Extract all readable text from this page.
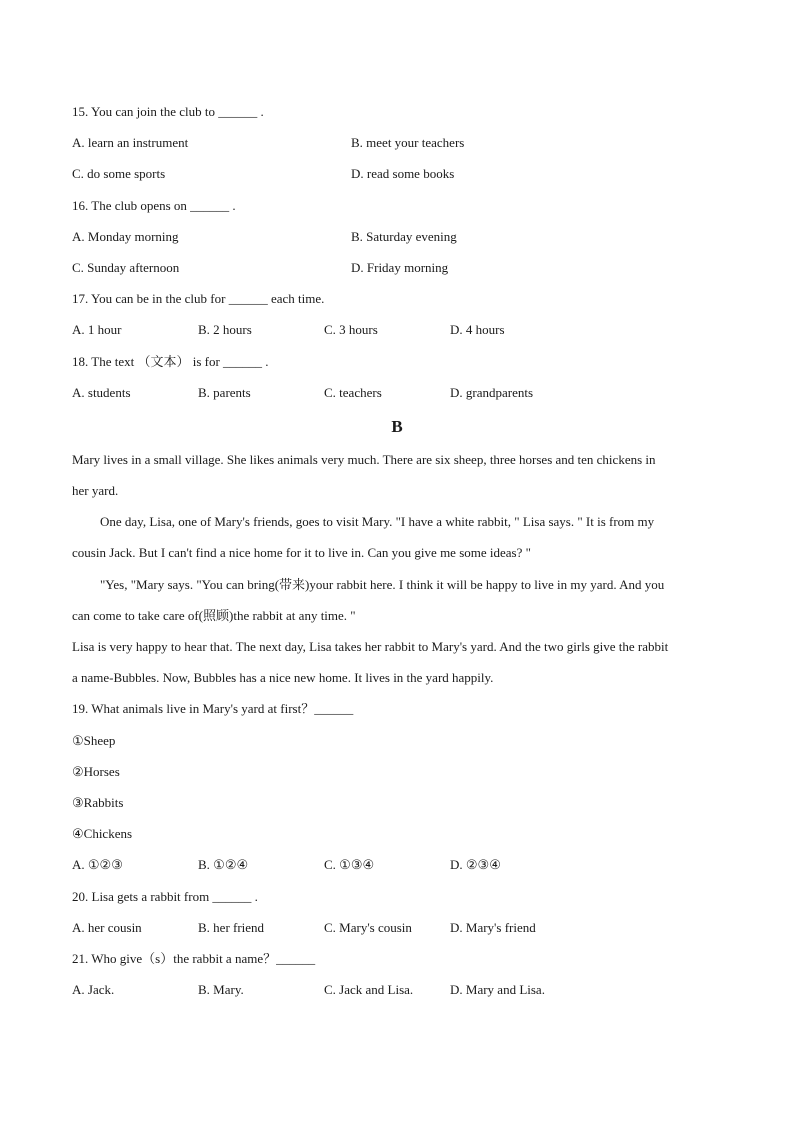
15. You can join the club to ______ .
A. learn an instrument	B. meet your teachers
C. do some sports	D. read some books
16. The club opens on ______ .
A. Monday morning	B. Saturday evening
C. Sunday afternoon	D. Friday morning
17. You can be in the club for ______ each time.
A. 1 hour	B. 2 hours	C. 3 hours	D. 4 hours
18. The text （文本） is for ______ .
A. students	B. parents	C. teachers	D. grandparents
B
Mary lives in a small village. She likes animals very much. There are six sheep, three horses and ten chickens in
her yard.
One day, Lisa, one of Mary's friends, goes to visit Mary. "I have a white rabbit, " Lisa says. " It is from my
cousin Jack. But I can't find a nice home for it to live in. Can you give me some ideas? "
"Yes, "Mary says. "You can bring(带来)your rabbit here. I think it will be happy to live in my yard. And you
can come to take care of(照顾)the rabbit at any time. "
Lisa is very happy to hear that. The next day, Lisa takes her rabbit to Mary's yard. And the two girls give the rabbit
a name-Bubbles. Now, Bubbles has a nice new home. It lives in the yard happily.
19. What animals live in Mary's yard at first？______
①Sheep
②Horses
③Rabbits
④Chickens
A. ①②③	B. ①②④	C. ①③④	D. ②③④
20. Lisa gets a rabbit from ______ .
A. her cousin	B. her friend	C. Mary's cousin	D. Mary's friend
21. Who give（s）the rabbit a name？______
A. Jack.	B. Mary.	C. Jack and Lisa.	D. Mary and Lisa.
